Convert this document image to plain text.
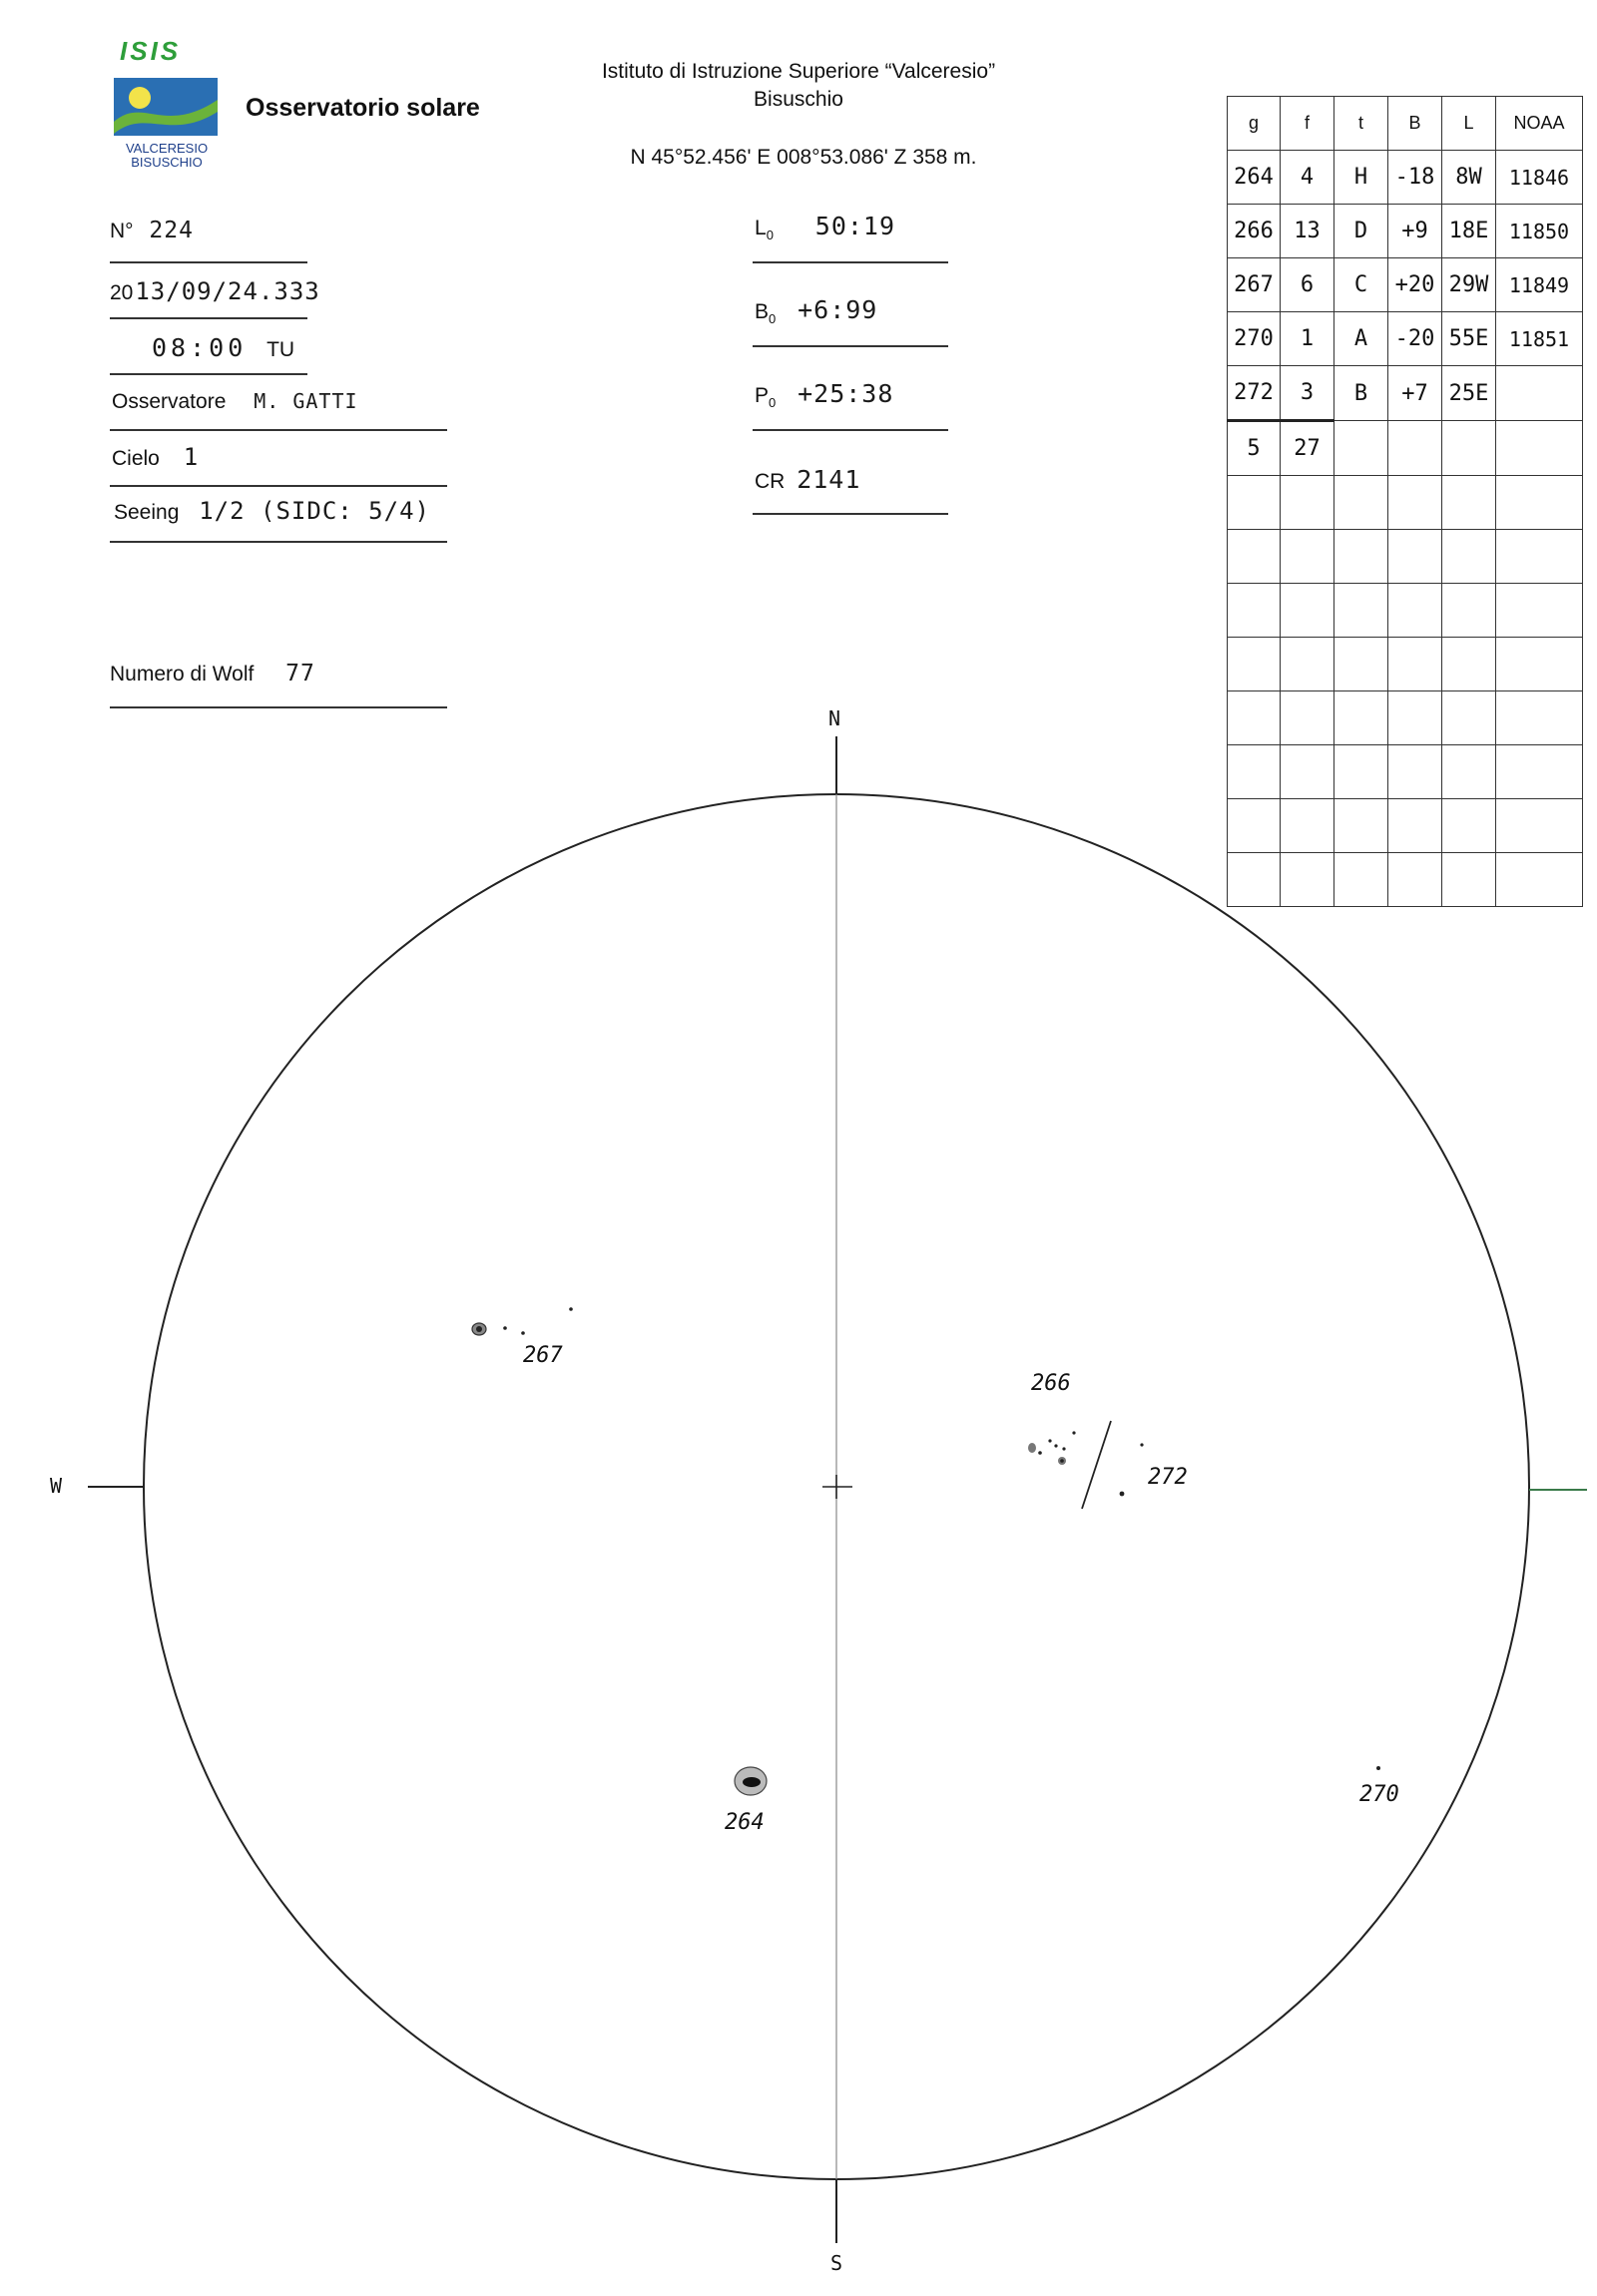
ISIS
VALCERESIO
BISUSCHIO
Osservatorio solare
Istituto di Istruzione Superiore “Valceresio”
Bisuschio
N 45°52.456' E 008°53.086' Z 358 m.
N° 224
2013/09/24.333
08:00 TU
Osservatore M. GATTI
Cielo 1
Seeing 1/2 (SIDC: 5/4)
Numero di Wolf 77
$L_0$ 50:19
$B_0$ +6:99
$P_0$ +25:38
CR 2141
g	f	t	B	L	NOAA
264	4	H	-18	8W	11846
266	13	D	+9	18E	11850
267	6	C	+20	29W	11849
270	1	A	-20	55E	11851
272	3	B	+7	25E	
5	27				

N
S
W
267
266
272
264
270
